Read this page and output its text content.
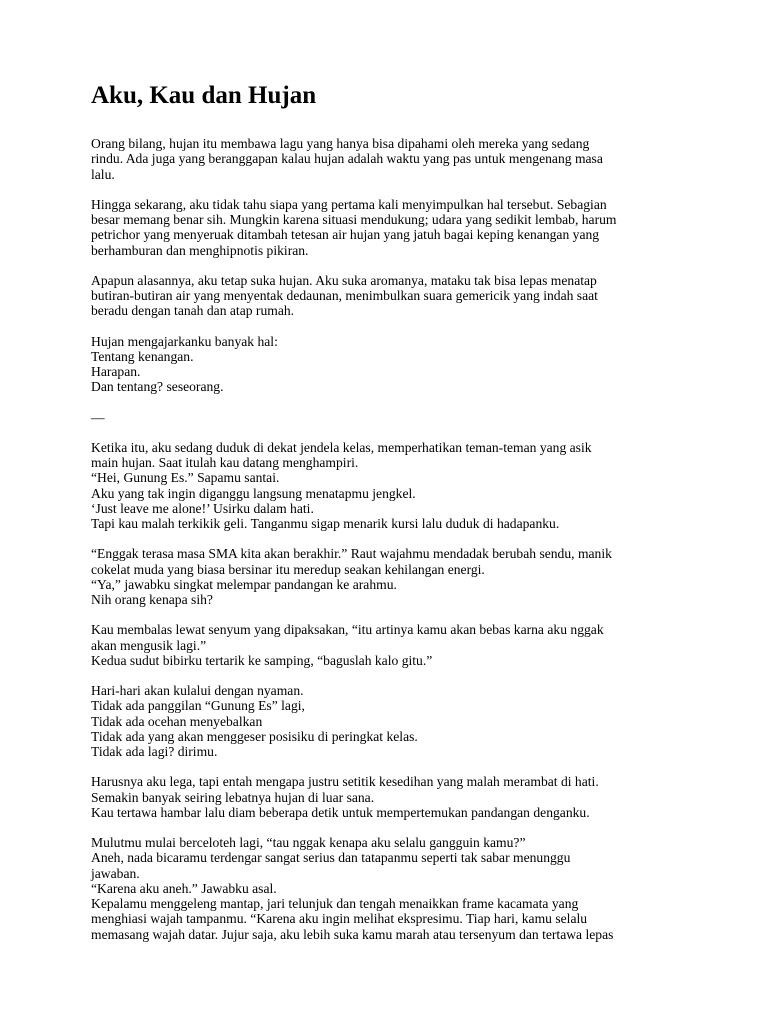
Aku, Kau dan Hujan
Orang bilang, hujan itu membawa lagu yang hanya bisa dipahami oleh mereka yang sedang
rindu. Ada juga yang beranggapan kalau hujan adalah waktu yang pas untuk mengenang masa
lalu.
Hingga sekarang, aku tidak tahu siapa yang pertama kali menyimpulkan hal tersebut. Sebagian
besar memang benar sih. Mungkin karena situasi mendukung; udara yang sedikit lembab, harum
petrichor yang menyeruak ditambah tetesan air hujan yang jatuh bagai keping kenangan yang
berhamburan dan menghipnotis pikiran.
Apapun alasannya, aku tetap suka hujan. Aku suka aromanya, mataku tak bisa lepas menatap
butiran-butiran air yang menyentak dedaunan, menimbulkan suara gemericik yang indah saat
beradu dengan tanah dan atap rumah.
Hujan mengajarkanku banyak hal:
Tentang kenangan.
Harapan.
Dan tentang? seseorang.
—
Ketika itu, aku sedang duduk di dekat jendela kelas, memperhatikan teman-teman yang asik
main hujan. Saat itulah kau datang menghampiri.
“Hei, Gunung Es.” Sapamu santai.
Aku yang tak ingin diganggu langsung menatapmu jengkel.
‘Just leave me alone!’ Usirku dalam hati.
Tapi kau malah terkikik geli. Tanganmu sigap menarik kursi lalu duduk di hadapanku.
“Enggak terasa masa SMA kita akan berakhir.” Raut wajahmu mendadak berubah sendu, manik
cokelat muda yang biasa bersinar itu meredup seakan kehilangan energi.
“Ya,” jawabku singkat melempar pandangan ke arahmu.
Nih orang kenapa sih?
Kau membalas lewat senyum yang dipaksakan, “itu artinya kamu akan bebas karna aku nggak
akan mengusik lagi.”
Kedua sudut bibirku tertarik ke samping, “baguslah kalo gitu.”
Hari-hari akan kulalui dengan nyaman.
Tidak ada panggilan “Gunung Es” lagi,
Tidak ada ocehan menyebalkan
Tidak ada yang akan menggeser posisiku di peringkat kelas.
Tidak ada lagi? dirimu.
Harusnya aku lega, tapi entah mengapa justru setitik kesedihan yang malah merambat di hati.
Semakin banyak seiring lebatnya hujan di luar sana.
Kau tertawa hambar lalu diam beberapa detik untuk mempertemukan pandangan denganku.
Mulutmu mulai berceloteh lagi, “tau nggak kenapa aku selalu gangguin kamu?”
Aneh, nada bicaramu terdengar sangat serius dan tatapanmu seperti tak sabar menunggu
jawaban.
“Karena aku aneh.” Jawabku asal.
Kepalamu menggeleng mantap, jari telunjuk dan tengah menaikkan frame kacamata yang
menghiasi wajah tampanmu. “Karena aku ingin melihat ekspresimu. Tiap hari, kamu selalu
memasang wajah datar. Jujur saja, aku lebih suka kamu marah atau tersenyum dan tertawa lepas
